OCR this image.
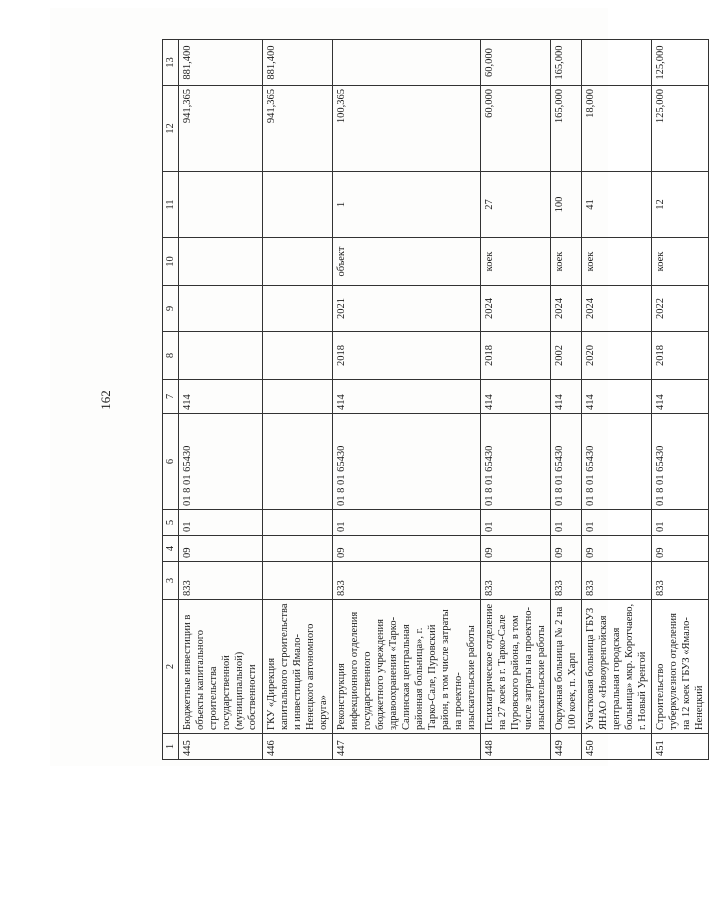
162
1	2	3	4	5	6	7	8	9	10	11	12	13
445	Бюджетные инвестиции в объекты капитального строительства государственной (муниципальной) собственности	833	09	01	01 8 01 65430	414					941,365	881,400
446	ГКУ «Дирекция капитального строительства и инвестиций Ямало-Ненецкого автономного округа»										941,365	881,400
447	Реконструкция инфекционного отделения государственного бюджетного учреждения здравоохранения «Тарко-Салинская центральная районная больница», г. Тарко-Сале, Пуровский район, в том числе затраты на проектно-изыскательские работы	833	09	01	01 8 01 65430	414	2018	2021	объект	1	100,365	
448	Психиатрическое отделение на 27 коек в г. Тарко-Сале Пуровского района, в том числе затраты на проектно-изыскательские работы	833	09	01	01 8 01 65430	414	2018	2024	коек	27	60,000	60,000
449	Окружная больница № 2 на 100 коек, п. Харп	833	09	01	01 8 01 65430	414	2002	2024	коек	100	165,000	165,000
450	Участковая больница ГБУЗ ЯНАО «Новоуренгойская центральная городская больница» мкр. Коротчаево, г. Новый Уренгой	833	09	01	01 8 01 65430	414	2020	2024	коек	41	18,000	
451	Строительство туберкулезного отделения на 12 коек ГБУЗ «Ямало-Ненецкий	833	09	01	01 8 01 65430	414	2018	2022	коек	12	125,000	125,000
